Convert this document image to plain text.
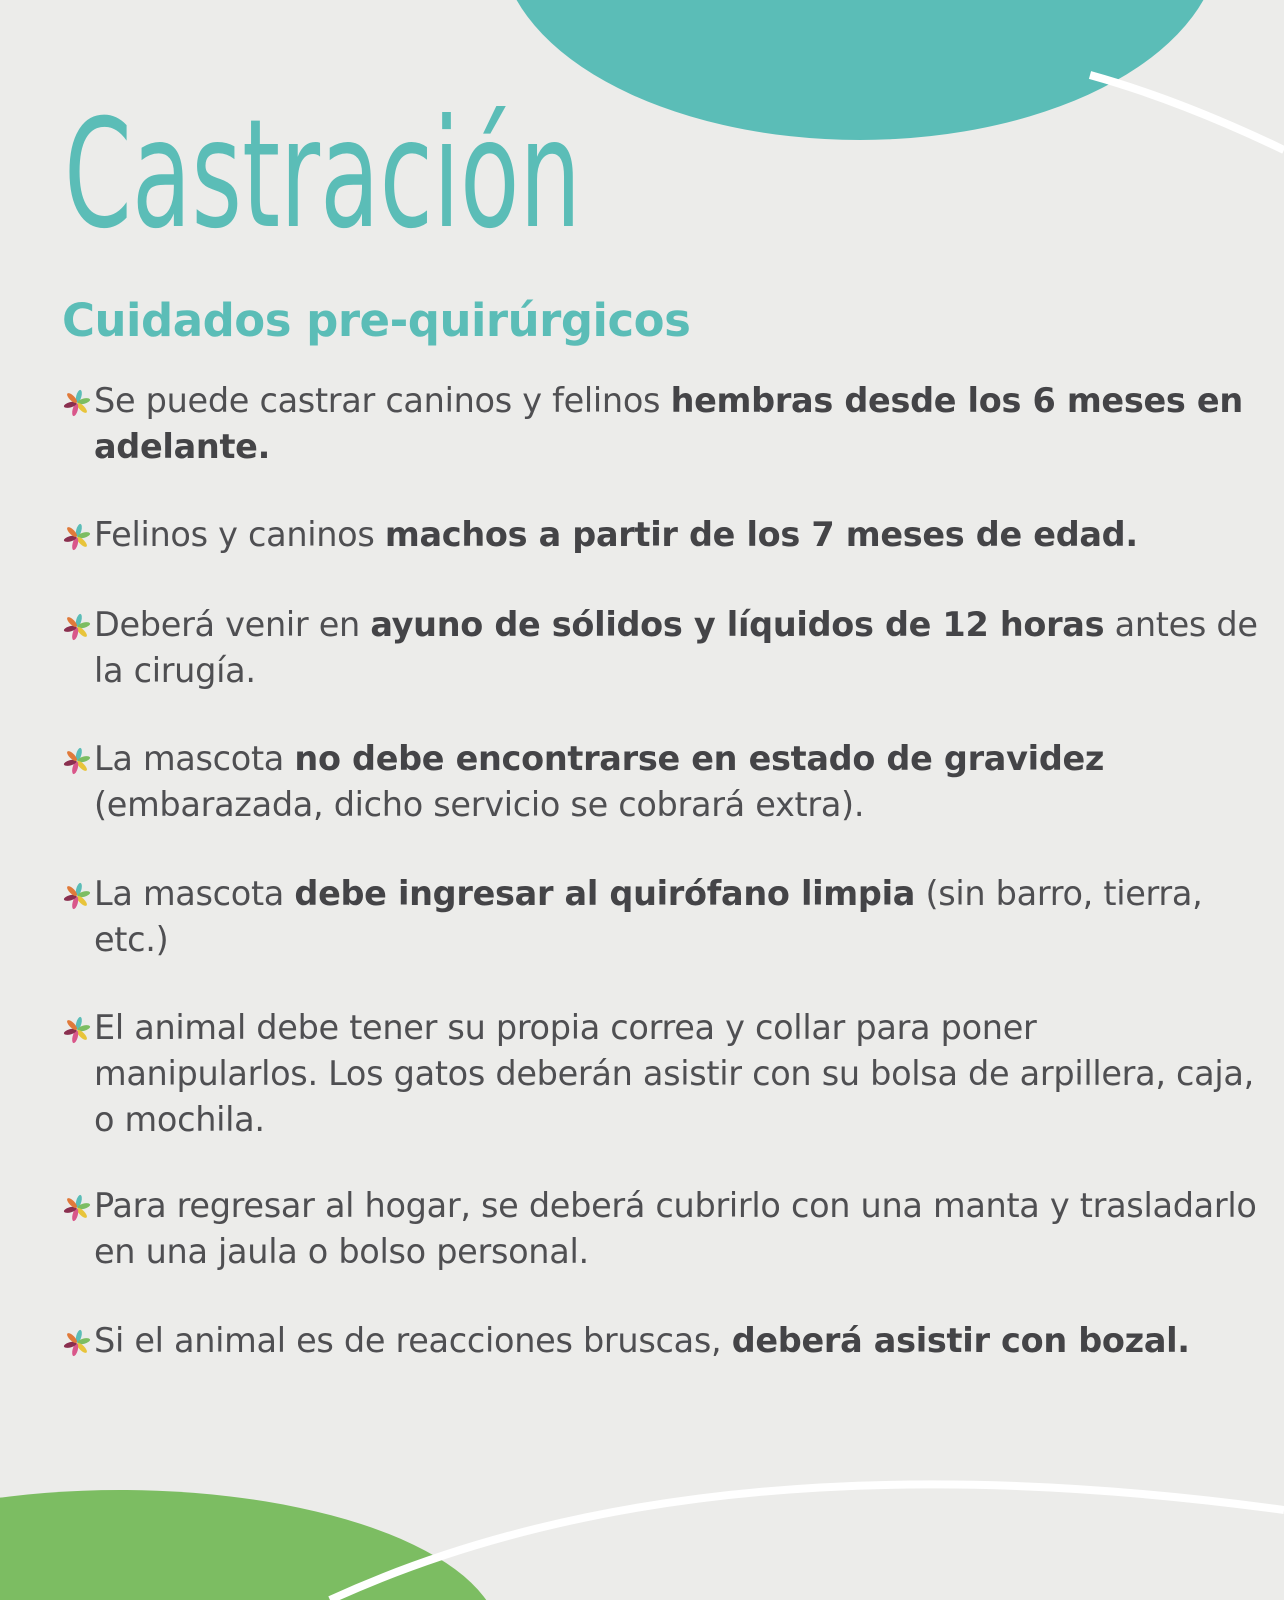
Castración
Cuidados pre-quirúrgicos
Se puede castrar caninos y felinos hembras desde los 6 meses en adelante.
Felinos y caninos machos a partir de los 7 meses de edad.
Deberá venir en ayuno de sólidos y líquidos de 12 horas antes de la cirugía.
La mascota no debe encontrarse en estado de gravidez (embarazada, dicho servicio se cobrará extra).
La mascota debe ingresar al quirófano limpia (sin barro, tierra, etc.)
El animal debe tener su propia correa y collar para poner manipularlos. Los gatos deberán asistir con su bolsa de arpillera, caja, o mochila.
Para regresar al hogar, se deberá cubrirlo con una manta y trasladarlo en una jaula o bolso personal.
Si el animal es de reacciones bruscas, deberá asistir con bozal.
